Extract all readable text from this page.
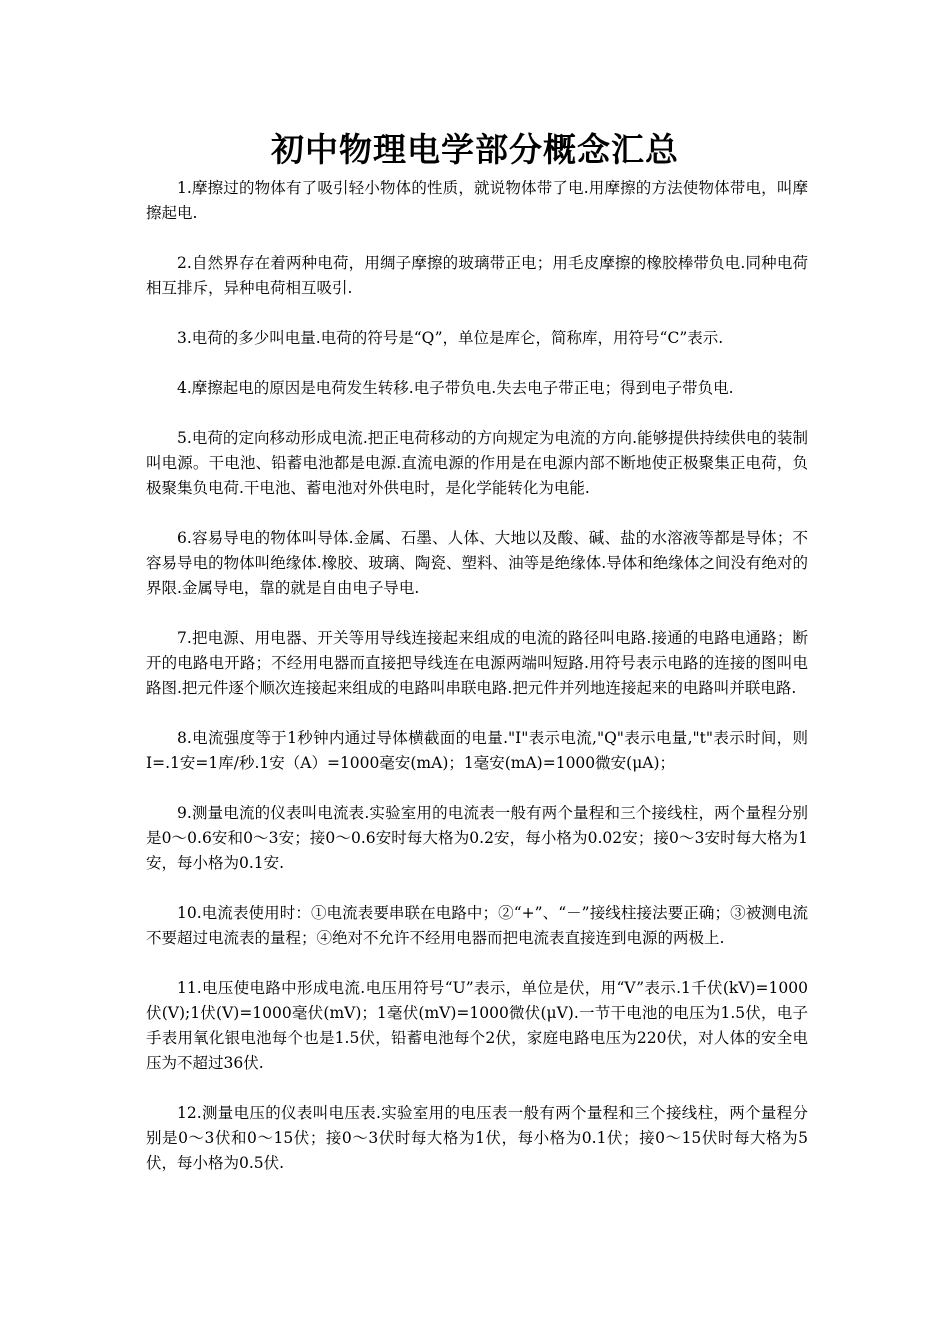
初中物理电学部分概念汇总

1.摩擦过的物体有了吸引轻小物体的性质，就说物体带了电.用摩擦的方法使物体带电，叫摩擦起电.

2.自然界存在着两种电荷，用绸子摩擦的玻璃带正电；用毛皮摩擦的橡胶棒带负电.同种电荷相互排斥，异种电荷相互吸引.

3.电荷的多少叫电量.电荷的符号是“Q”，单位是库仑，简称库，用符号“C”表示.

4.摩擦起电的原因是电荷发生转移.电子带负电.失去电子带正电；得到电子带负电.

5.电荷的定向移动形成电流.把正电荷移动的方向规定为电流的方向.能够提供持续供电的装制叫电源。干电池、铅蓄电池都是电源.直流电源的作用是在电源内部不断地使正极聚集正电荷，负极聚集负电荷.干电池、蓄电池对外供电时，是化学能转化为电能.

6.容易导电的物体叫导体.金属、石墨、人体、大地以及酸、碱、盐的水溶液等都是导体；不容易导电的物体叫绝缘体.橡胶、玻璃、陶瓷、塑料、油等是绝缘体.导体和绝缘体之间没有绝对的界限.金属导电，靠的就是自由电子导电.

7.把电源、用电器、开关等用导线连接起来组成的电流的路径叫电路.接通的电路电通路；断开的电路电开路；不经用电器而直接把导线连在电源两端叫短路.用符号表示电路的连接的图叫电路图.把元件逐个顺次连接起来组成的电路叫串联电路.把元件并列地连接起来的电路叫并联电路.

8.电流强度等于1秒钟内通过导体横截面的电量."I"表示电流,"Q"表示电量,"t"表示时间，则I=.1安=1库/秒.1安（A）=1000毫安(mA)；1毫安(mA)=1000微安(μA)；

9.测量电流的仪表叫电流表.实验室用的电流表一般有两个量程和三个接线柱，两个量程分别是0～0.6安和0～3安；接0～0.6安时每大格为0.2安，每小格为0.02安；接0～3安时每大格为1安，每小格为0.1安.

10.电流表使用时：①电流表要串联在电路中；②“+”、“－”接线柱接法要正确；③被测电流不要超过电流表的量程；④绝对不允许不经用电器而把电流表直接连到电源的两极上.

11.电压使电路中形成电流.电压用符号“U”表示，单位是伏，用“V”表示.1千伏(kV)=1000伏(V);1伏(V)=1000毫伏(mV)；1毫伏(mV)=1000微伏(μV).一节干电池的电压为1.5伏，电子手表用氧化银电池每个也是1.5伏，铅蓄电池每个2伏，家庭电路电压为220伏，对人体的安全电压为不超过36伏.

12.测量电压的仪表叫电压表.实验室用的电压表一般有两个量程和三个接线柱，两个量程分别是0～3伏和0～15伏；接0～3伏时每大格为1伏，每小格为0.1伏；接0～15伏时每大格为5伏，每小格为0.5伏.
